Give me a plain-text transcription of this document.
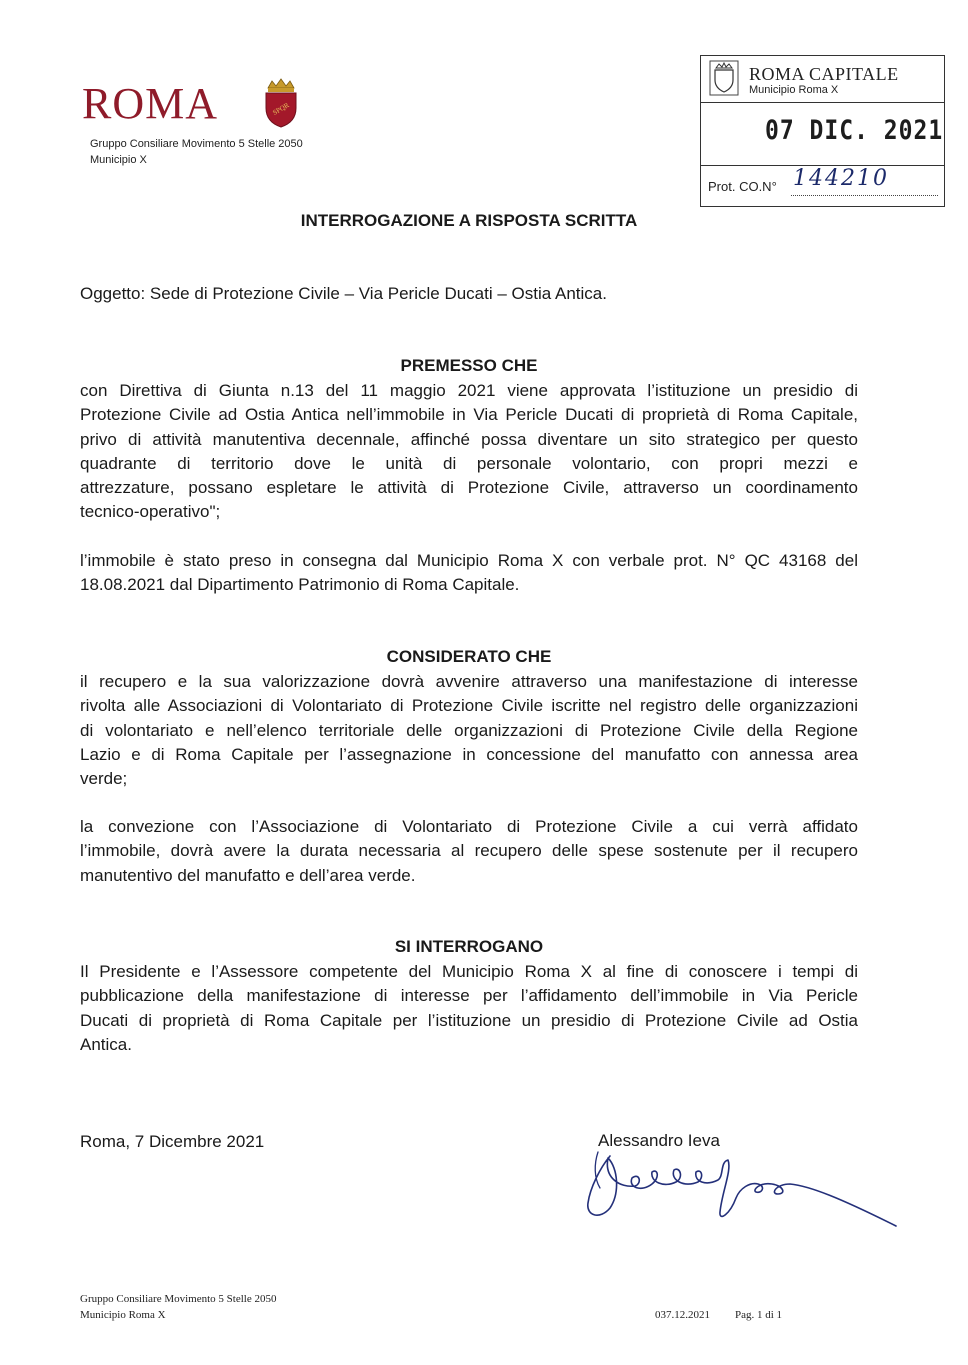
ROMA	SPQR
Gruppo Consiliare Movimento 5 Stelle 2050
Municipio X
ROMA CAPITALE
Municipio Roma X
07 DIC. 2021
Prot. CO.N° 144210
INTERROGAZIONE A RISPOSTA SCRITTA
Oggetto: Sede di Protezione Civile – Via Pericle Ducati – Ostia Antica.
PREMESSO CHE
con Direttiva di Giunta n.13 del 11 maggio 2021 viene approvata l’istituzione un presidio di
Protezione Civile ad Ostia Antica nell’immobile in Via Pericle Ducati di proprietà di Roma Capitale,
privo di attività manutentiva decennale, affinché possa diventare un sito strategico per questo
quadrante di territorio dove le unità di personale volontario, con propri mezzi e
attrezzature, possano espletare le attività di Protezione Civile, attraverso un coordinamento
tecnico-operativo";
l’immobile è stato preso in consegna dal Municipio Roma X con verbale prot. N° QC 43168 del
18.08.2021 dal Dipartimento Patrimonio di Roma Capitale.
CONSIDERATO CHE
il recupero e la sua valorizzazione dovrà avvenire attraverso una manifestazione di interesse
rivolta alle Associazioni di Volontariato di Protezione Civile iscritte nel registro delle organizzazioni
di volontariato e nell’elenco territoriale delle organizzazioni di Protezione Civile della Regione
Lazio e di Roma Capitale per l’assegnazione in concessione del manufatto con annessa area
verde;
la convezione con l’Associazione di Volontariato di Protezione Civile a cui verrà affidato
l’immobile, dovrà avere la durata necessaria al recupero delle spese sostenute per il recupero
manutentivo del manufatto e dell’area verde.
SI INTERROGANO
Il Presidente e l’Assessore competente del Municipio Roma X al fine di conoscere i tempi di
pubblicazione della manifestazione di interesse per l’affidamento dell’immobile in Via Pericle
Ducati di proprietà di Roma Capitale per l’istituzione un presidio di Protezione Civile ad Ostia
Antica.
Roma, 7 Dicembre 2021	Alessandro Ieva
Gruppo Consiliare Movimento 5 Stelle 2050
Municipio Roma X	037.12.2021 Pag. 1 di 1
